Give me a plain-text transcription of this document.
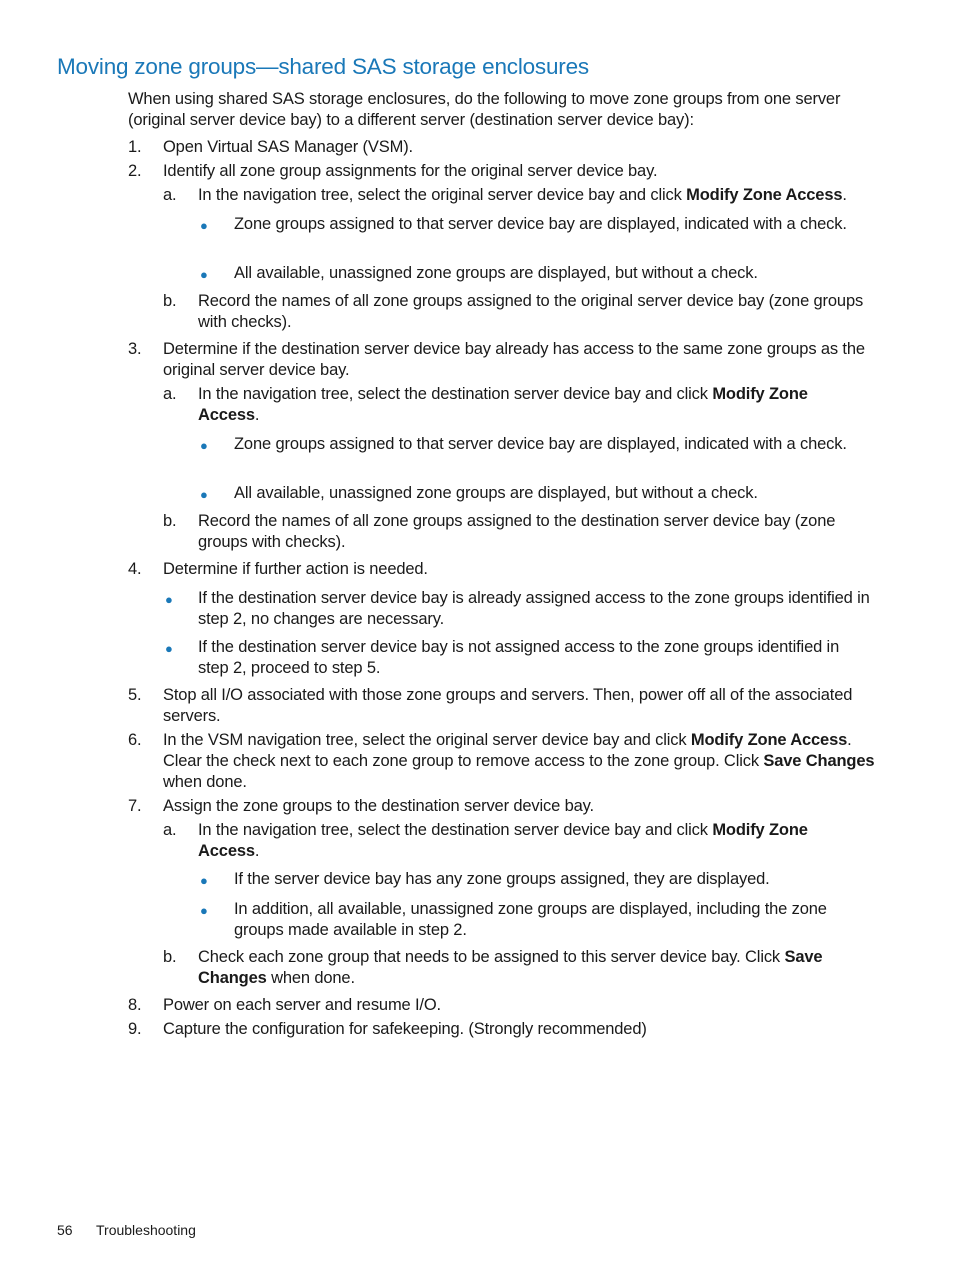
Moving zone groups—shared SAS storage enclosures

When using shared SAS storage enclosures, do the following to move zone groups from one server (original server device bay) to a different server (destination server device bay):

1. Open Virtual SAS Manager (VSM).
2. Identify all zone group assignments for the original server device bay.
a. In the navigation tree, select the original server device bay and click Modify Zone Access.
● Zone groups assigned to that server device bay are displayed, indicated with a check.
● All available, unassigned zone groups are displayed, but without a check.
b. Record the names of all zone groups assigned to the original server device bay (zone groups with checks).
3. Determine if the destination server device bay already has access to the same zone groups as the original server device bay.
a. In the navigation tree, select the destination server device bay and click Modify Zone Access.
● Zone groups assigned to that server device bay are displayed, indicated with a check.
● All available, unassigned zone groups are displayed, but without a check.
b. Record the names of all zone groups assigned to the destination server device bay (zone groups with checks).
4. Determine if further action is needed.
● If the destination server device bay is already assigned access to the zone groups identified in step 2, no changes are necessary.
● If the destination server device bay is not assigned access to the zone groups identified in step 2, proceed to step 5.
5. Stop all I/O associated with those zone groups and servers. Then, power off all of the associated servers.
6. In the VSM navigation tree, select the original server device bay and click Modify Zone Access. Clear the check next to each zone group to remove access to the zone group. Click Save Changes when done.
7. Assign the zone groups to the destination server device bay.
a. In the navigation tree, select the destination server device bay and click Modify Zone Access.
● If the server device bay has any zone groups assigned, they are displayed.
● In addition, all available, unassigned zone groups are displayed, including the zone groups made available in step 2.
b. Check each zone group that needs to be assigned to this server device bay. Click Save Changes when done.
8. Power on each server and resume I/O.
9. Capture the configuration for safekeeping. (Strongly recommended)
56 Troubleshooting
